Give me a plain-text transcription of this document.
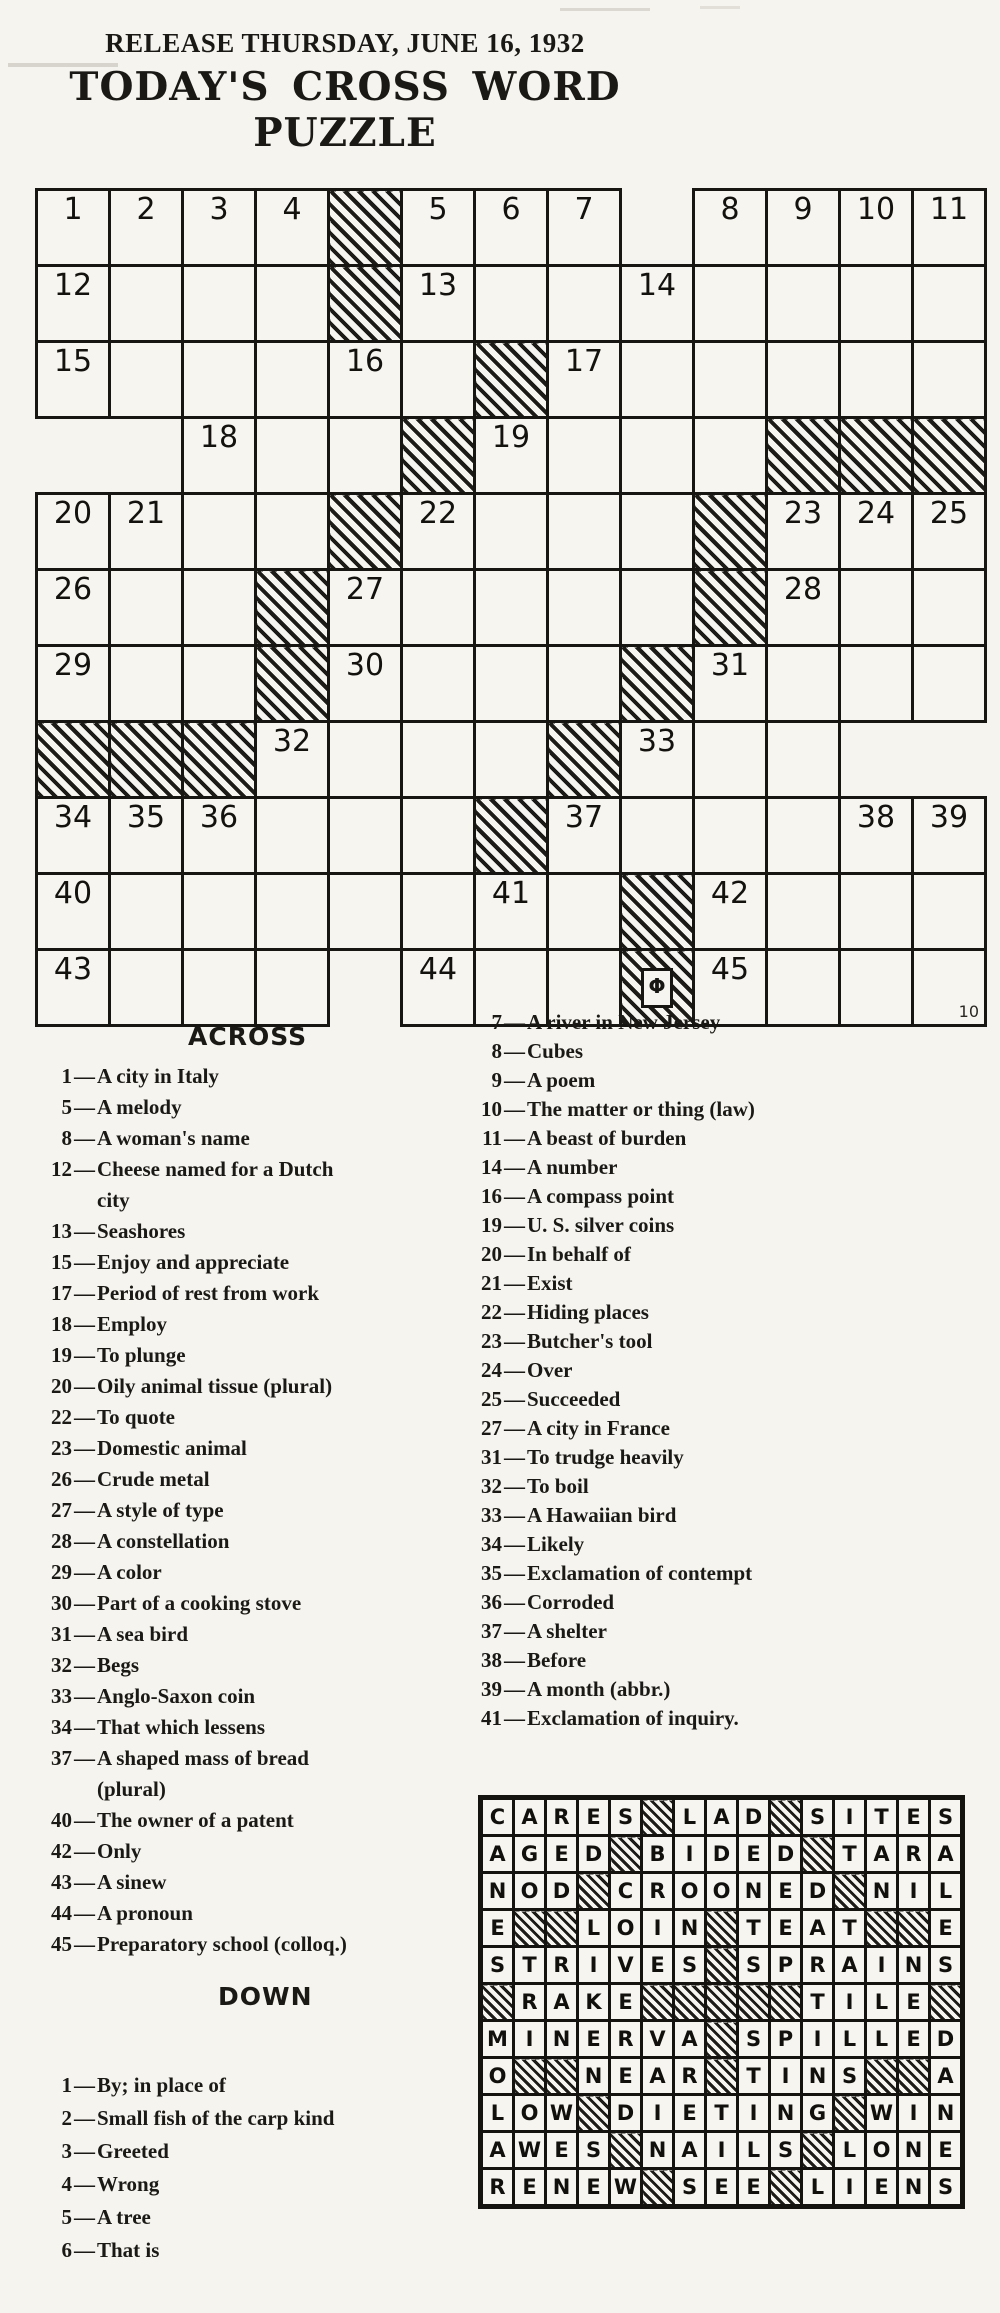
RELEASE THURSDAY, JUNE 16, 1932
TODAY'S CROSS WORD PUZZLE
1	2	3	4		5	6	7		8	9	10	11

12					13			14				

15				16			17					

		18				19						

20	21				22					23	24	25

26				27						28		

29				30					31			

			32					33				

34	35	36					37				38	39

40						41			42			

43					44			Φ	45			10
ACROSS
1 — A city in Italy
5 — A melody
8 — A woman's name
12 — Cheese named for a Dutch city
13 — Seashores
15 — Enjoy and appreciate
17 — Period of rest from work
18 — Employ
19 — To plunge
20 — Oily animal tissue (plural)
22 — To quote
23 — Domestic animal
26 — Crude metal
27 — A style of type
28 — A constellation
29 — A color
30 — Part of a cooking stove
31 — A sea bird
32 — Begs
33 — Anglo-Saxon coin
34 — That which lessens
37 — A shaped mass of bread (plural)
40 — The owner of a patent
42 — Only
43 — A sinew
44 — A pronoun
45 — Preparatory school (colloq.)
DOWN
1 — By; in place of
2 — Small fish of the carp kind
3 — Greeted
4 — Wrong
5 — A tree
6 — That is
7 — A river in New Jersey
8 — Cubes
9 — A poem
10 — The matter or thing (law)
11 — A beast of burden
14 — A number
16 — A compass point
19 — U. S. silver coins
20 — In behalf of
21 — Exist
22 — Hiding places
23 — Butcher's tool
24 — Over
25 — Succeeded
27 — A city in France
31 — To trudge heavily
32 — To boil
33 — A Hawaiian bird
34 — Likely
35 — Exclamation of contempt
36 — Corroded
37 — A shelter
38 — Before
39 — A month (abbr.)
41 — Exclamation of inquiry.
C	A	R	E	S		L	A	D		S	I	T	E	S
A	G	E	D		B	I	D	E	D		T	A	R	A
N	O	D		C	R	O	O	N	E	D		N	I	L
E			L	O	I	N		T	E	A	T			E
S	T	R	I	V	E	S		S	P	R	A	I	N	S
	R	A	K	E						T	I	L	E	
M	I	N	E	R	V	A		S	P	I	L	L	E	D
O			N	E	A	R		T	I	N	S			A
L	O	W		D	I	E	T	I	N	G		W	I	N
A	W	E	S		N	A	I	L	S		L	O	N	E
R	E	N	E	W		S	E	E		L	I	E	N	S
